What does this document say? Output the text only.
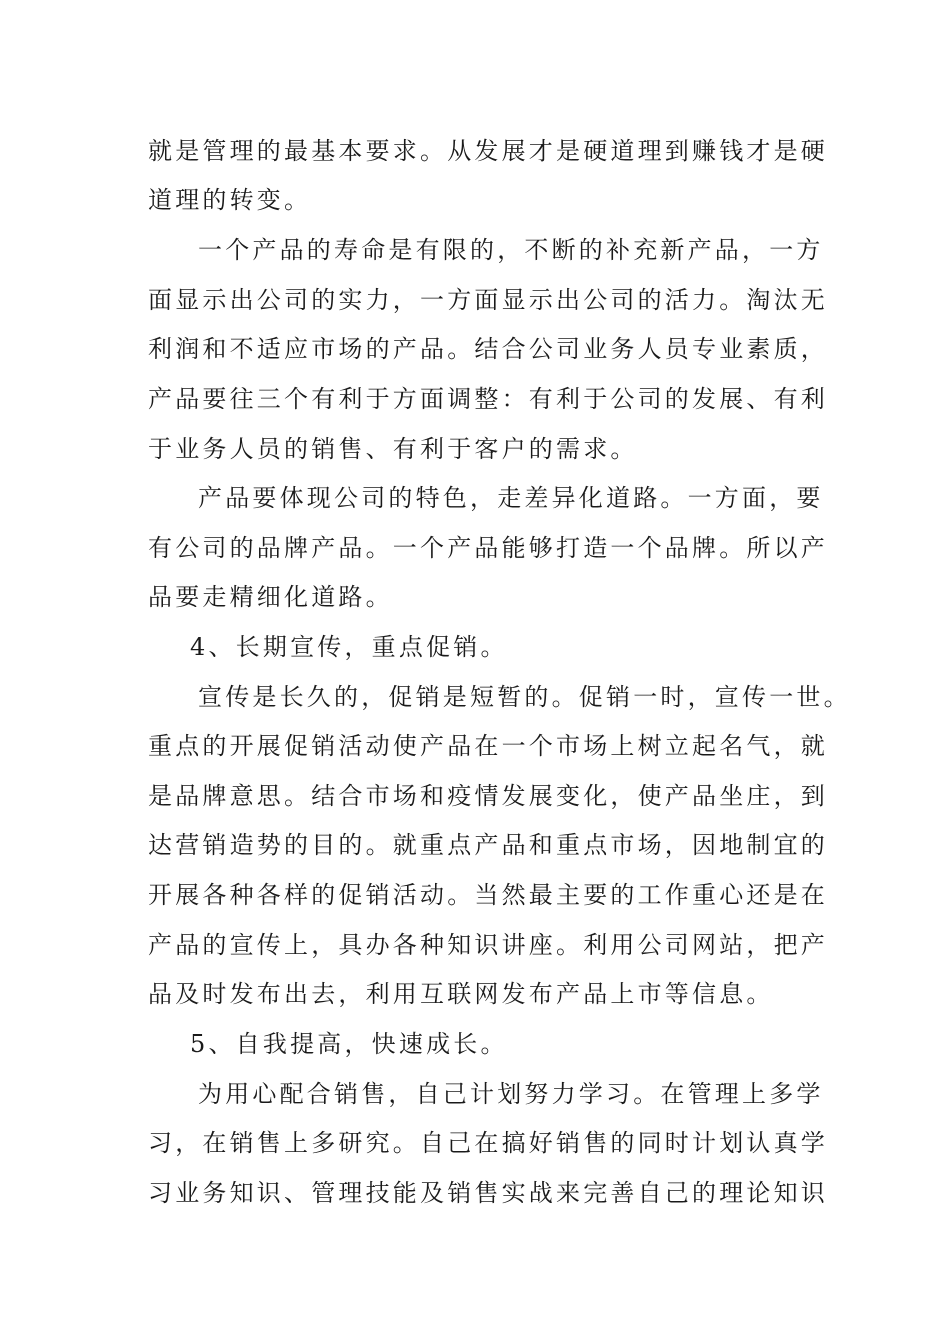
就是管理的最基本要求。从发展才是硬道理到赚钱才是硬
道理的转变。
一个产品的寿命是有限的，不断的补充新产品，一方
面显示出公司的实力，一方面显示出公司的活力。淘汰无
利润和不适应市场的产品。结合公司业务人员专业素质，
产品要往三个有利于方面调整：有利于公司的发展、有利
于业务人员的销售、有利于客户的需求。
产品要体现公司的特色，走差异化道路。一方面，要
有公司的品牌产品。一个产品能够打造一个品牌。所以产
品要走精细化道路。
4、长期宣传，重点促销。
宣传是长久的，促销是短暂的。促销一时，宣传一世。
重点的开展促销活动使产品在一个市场上树立起名气，就
是品牌意思。结合市场和疫情发展变化，使产品坐庄，到
达营销造势的目的。就重点产品和重点市场，因地制宜的
开展各种各样的促销活动。当然最主要的工作重心还是在
产品的宣传上，具办各种知识讲座。利用公司网站，把产
品及时发布出去，利用互联网发布产品上市等信息。
5、自我提高，快速成长。
为用心配合销售，自己计划努力学习。在管理上多学
习，在销售上多研究。自己在搞好销售的同时计划认真学
习业务知识、管理技能及销售实战来完善自己的理论知识
